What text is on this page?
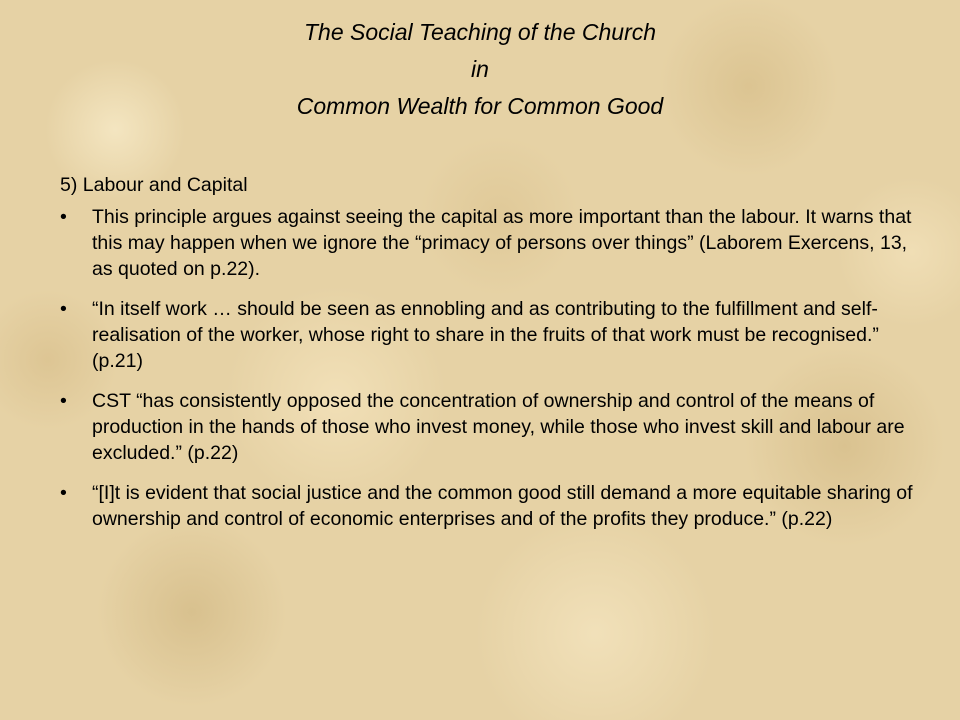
The Social Teaching of the Church
in
Common Wealth for Common Good
5) Labour and Capital
• This principle argues against seeing the capital as more important than the labour. It warns that this may happen when we ignore the “primacy of persons over things” (Laborem Exercens, 13, as quoted on p.22).
• “In itself work … should be seen as ennobling and as contributing to the fulfillment and self-realisation of the worker, whose right to share in the fruits of that work must be recognised.” (p.21)
• CST “has consistently opposed the concentration of ownership and control of the means of production in the hands of those who invest money, while those who invest skill and labour are excluded.” (p.22)
• “[I]t is evident that social justice and the common good still demand a more equitable sharing of ownership and control of economic enterprises and of the profits they produce.” (p.22)
